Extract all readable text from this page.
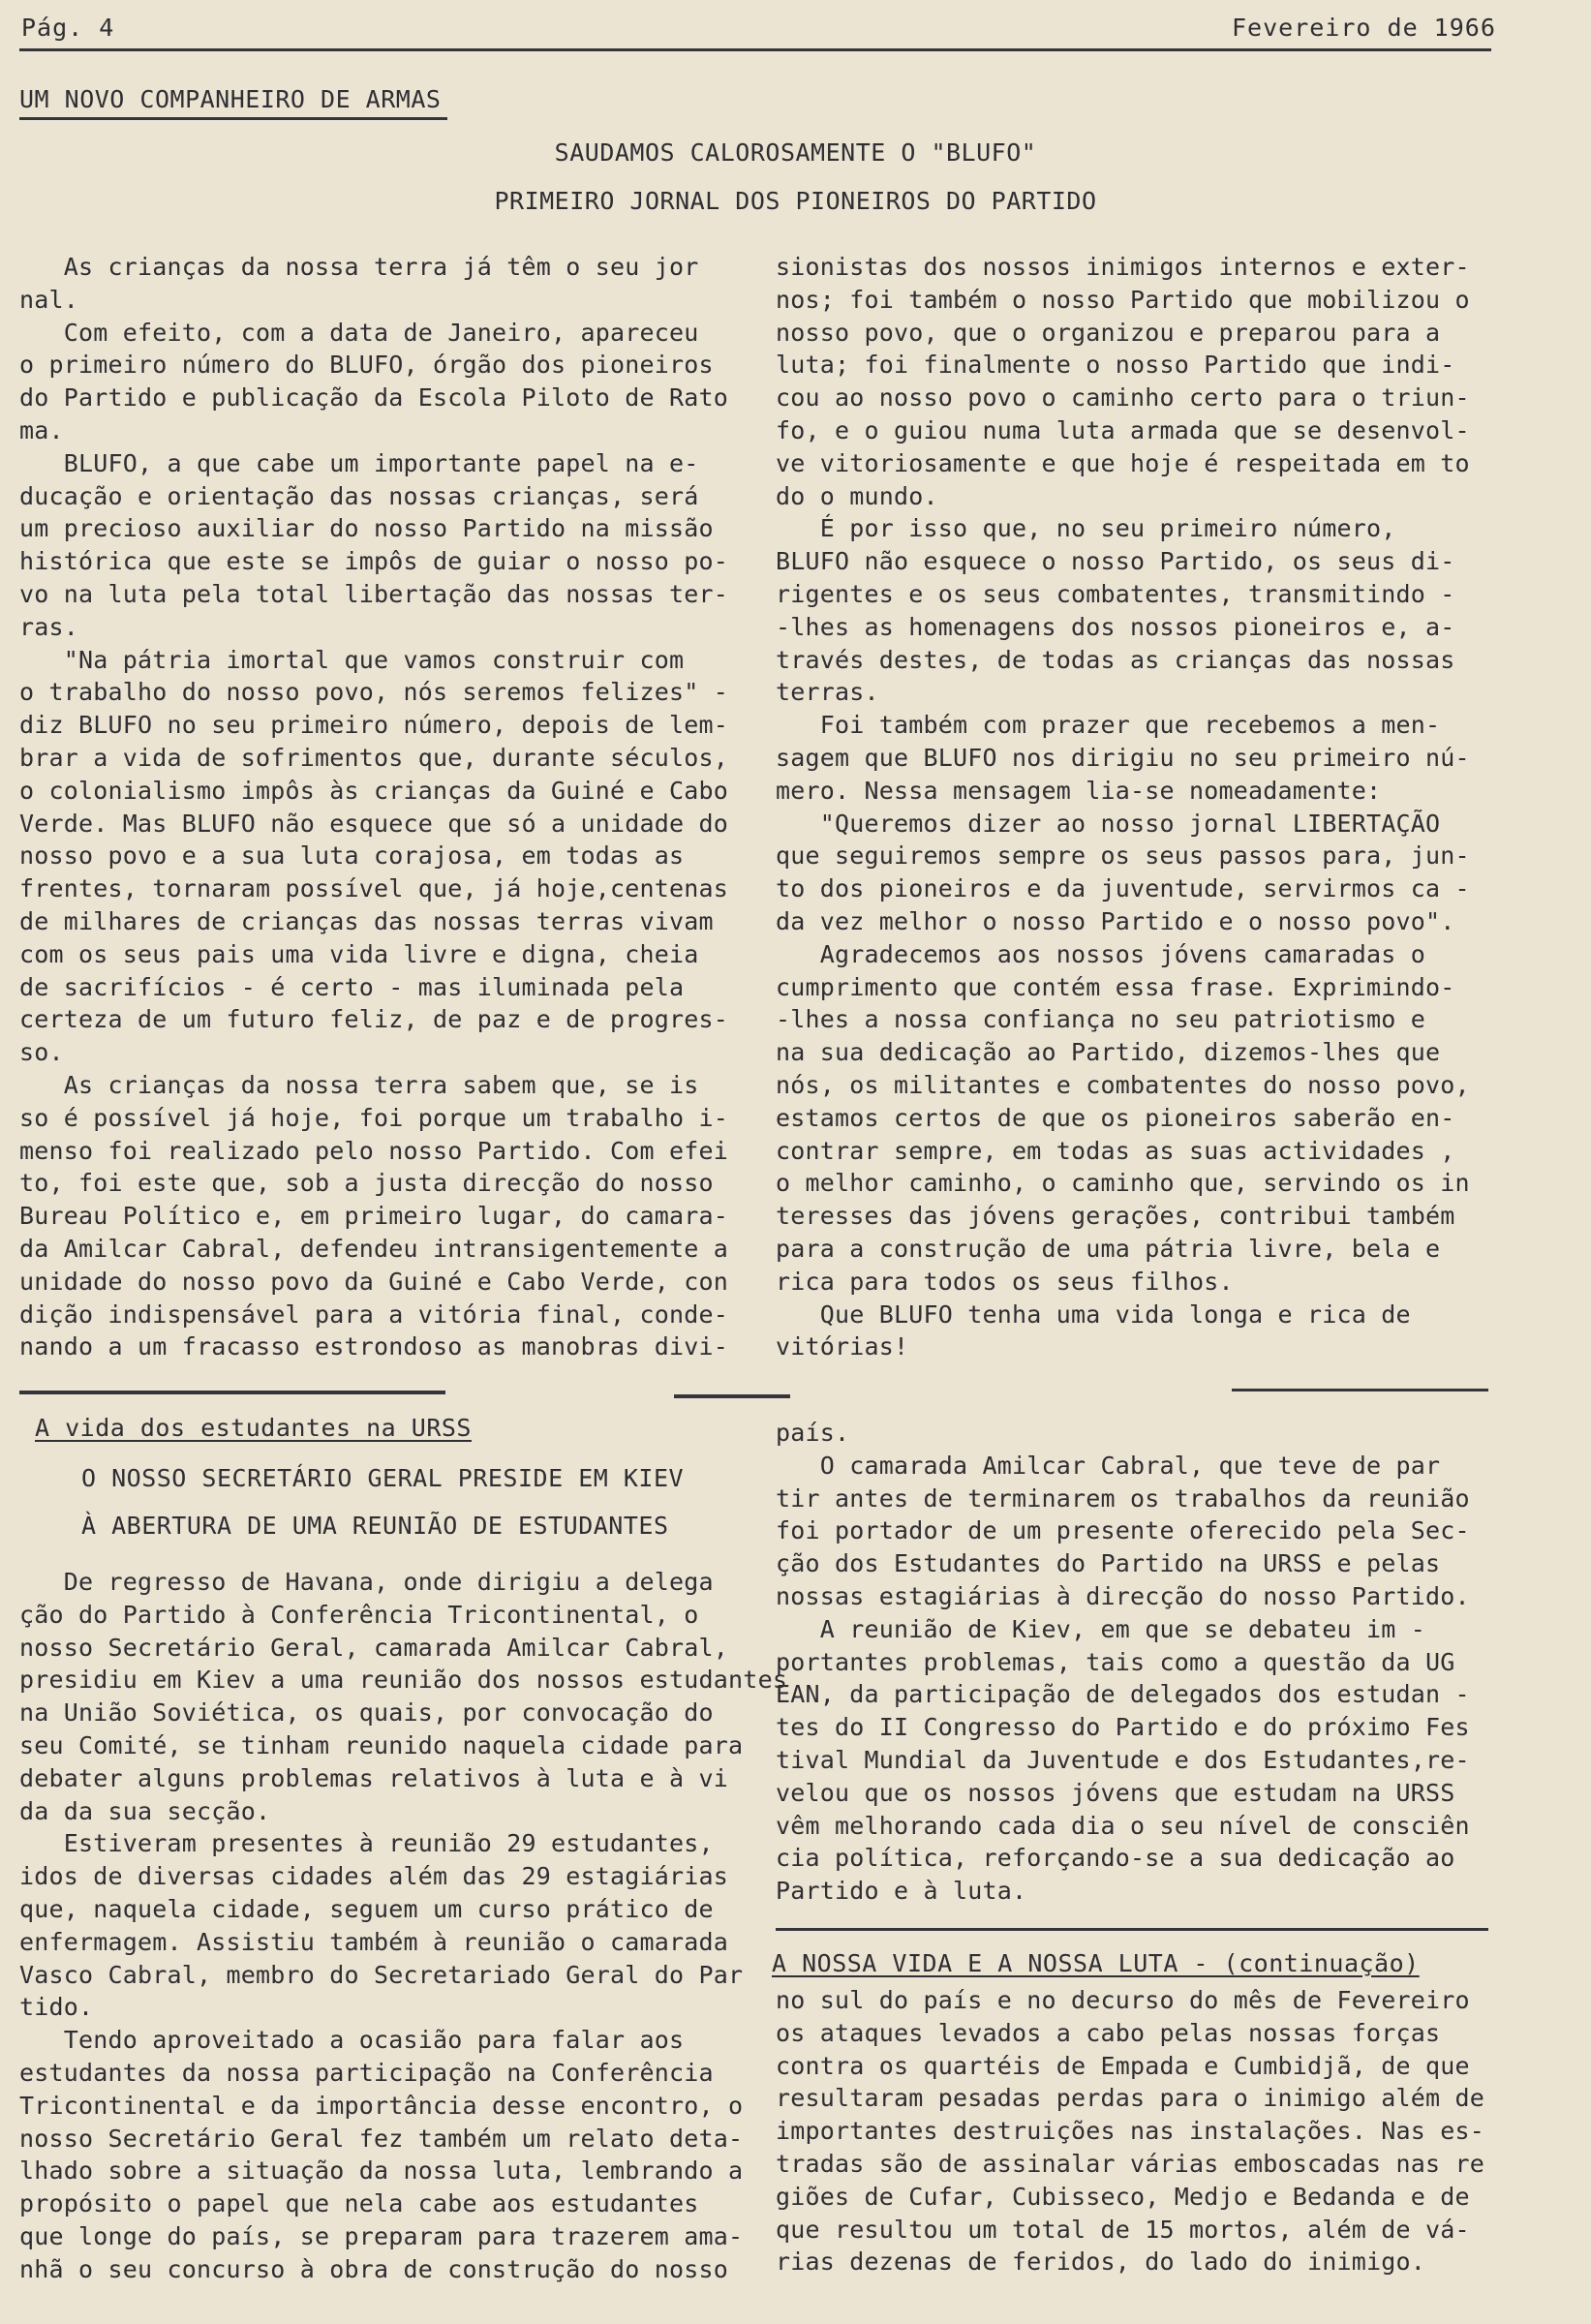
Pág. 4	Fevereiro de 1966
UM NOVO COMPANHEIRO DE ARMAS
SAUDAMOS CALOROSAMENTE O "BLUFO"
PRIMEIRO JORNAL DOS PIONEIROS DO PARTIDO
As crianças da nossa terra já têm o seu jor
nal.
Com efeito, com a data de Janeiro, apareceu
o primeiro número do BLUFO, órgão dos pioneiros
do Partido e publicação da Escola Piloto de Rato
ma.
BLUFO, a que cabe um importante papel na e-
ducação e orientação das nossas crianças, será
um precioso auxiliar do nosso Partido na missão
histórica que este se impôs de guiar o nosso po-
vo na luta pela total libertação das nossas ter-
ras.
"Na pátria imortal que vamos construir com
o trabalho do nosso povo, nós seremos felizes" -
diz BLUFO no seu primeiro número, depois de lem-
brar a vida de sofrimentos que, durante séculos,
o colonialismo impôs às crianças da Guiné e Cabo
Verde. Mas BLUFO não esquece que só a unidade do
nosso povo e a sua luta corajosa, em todas as
frentes, tornaram possível que, já hoje,centenas
de milhares de crianças das nossas terras vivam
com os seus pais uma vida livre e digna, cheia
de sacrifícios - é certo - mas iluminada pela
certeza de um futuro feliz, de paz e de progres-
so.
As crianças da nossa terra sabem que, se is
so é possível já hoje, foi porque um trabalho i-
menso foi realizado pelo nosso Partido. Com efei
to, foi este que, sob a justa direcção do nosso
Bureau Político e, em primeiro lugar, do camara-
da Amilcar Cabral, defendeu intransigentemente a
unidade do nosso povo da Guiné e Cabo Verde, con
dição indispensável para a vitória final, conde-
nando a um fracasso estrondoso as manobras divi-
sionistas dos nossos inimigos internos e exter-
nos; foi também o nosso Partido que mobilizou o
nosso povo, que o organizou e preparou para a
luta; foi finalmente o nosso Partido que indi-
cou ao nosso povo o caminho certo para o triun-
fo, e o guiou numa luta armada que se desenvol-
ve vitoriosamente e que hoje é respeitada em to
do o mundo.
É por isso que, no seu primeiro número,
BLUFO não esquece o nosso Partido, os seus di-
rigentes e os seus combatentes, transmitindo -
-lhes as homenagens dos nossos pioneiros e, a-
través destes, de todas as crianças das nossas
terras.
Foi também com prazer que recebemos a men-
sagem que BLUFO nos dirigiu no seu primeiro nú-
mero. Nessa mensagem lia-se nomeadamente:
"Queremos dizer ao nosso jornal LIBERTAÇÃO
que seguiremos sempre os seus passos para, jun-
to dos pioneiros e da juventude, servirmos ca -
da vez melhor o nosso Partido e o nosso povo".
Agradecemos aos nossos jóvens camaradas o
cumprimento que contém essa frase. Exprimindo-
-lhes a nossa confiança no seu patriotismo e
na sua dedicação ao Partido, dizemos-lhes que
nós, os militantes e combatentes do nosso povo,
estamos certos de que os pioneiros saberão en-
contrar sempre, em todas as suas actividades ,
o melhor caminho, o caminho que, servindo os in
teresses das jóvens gerações, contribui também
para a construção de uma pátria livre, bela e
rica para todos os seus filhos.
Que BLUFO tenha uma vida longa e rica de
vitórias!
A vida dos estudantes na URSS
O NOSSO SECRETÁRIO GERAL PRESIDE EM KIEV
À ABERTURA DE UMA REUNIÃO DE ESTUDANTES
De regresso de Havana, onde dirigiu a delega
ção do Partido à Conferência Tricontinental, o
nosso Secretário Geral, camarada Amilcar Cabral,
presidiu em Kiev a uma reunião dos nossos estudantes
na União Soviética, os quais, por convocação do
seu Comité, se tinham reunido naquela cidade para
debater alguns problemas relativos à luta e à vi
da da sua secção.
Estiveram presentes à reunião 29 estudantes,
idos de diversas cidades além das 29 estagiárias
que, naquela cidade, seguem um curso prático de
enfermagem. Assistiu também à reunião o camarada
Vasco Cabral, membro do Secretariado Geral do Par
tido.
Tendo aproveitado a ocasião para falar aos
estudantes da nossa participação na Conferência
Tricontinental e da importância desse encontro, o
nosso Secretário Geral fez também um relato deta-
lhado sobre a situação da nossa luta, lembrando a
propósito o papel que nela cabe aos estudantes
que longe do país, se preparam para trazerem ama-
nhã o seu concurso à obra de construção do nosso
país.
O camarada Amilcar Cabral, que teve de par
tir antes de terminarem os trabalhos da reunião
foi portador de um presente oferecido pela Sec-
ção dos Estudantes do Partido na URSS e pelas
nossas estagiárias à direcção do nosso Partido.
A reunião de Kiev, em que se debateu im -
portantes problemas, tais como a questão da UG
EAN, da participação de delegados dos estudan -
tes do II Congresso do Partido e do próximo Fes
tival Mundial da Juventude e dos Estudantes,re-
velou que os nossos jóvens que estudam na URSS
vêm melhorando cada dia o seu nível de consciên
cia política, reforçando-se a sua dedicação ao
Partido e à luta.
A NOSSA VIDA E A NOSSA LUTA - (continuação)
no sul do país e no decurso do mês de Fevereiro
os ataques levados a cabo pelas nossas forças
contra os quartéis de Empada e Cumbidjã, de que
resultaram pesadas perdas para o inimigo além de
importantes destruições nas instalações. Nas es-
tradas são de assinalar várias emboscadas nas re
giões de Cufar, Cubisseco, Medjo e Bedanda e de
que resultou um total de 15 mortos, além de vá-
rias dezenas de feridos, do lado do inimigo.
